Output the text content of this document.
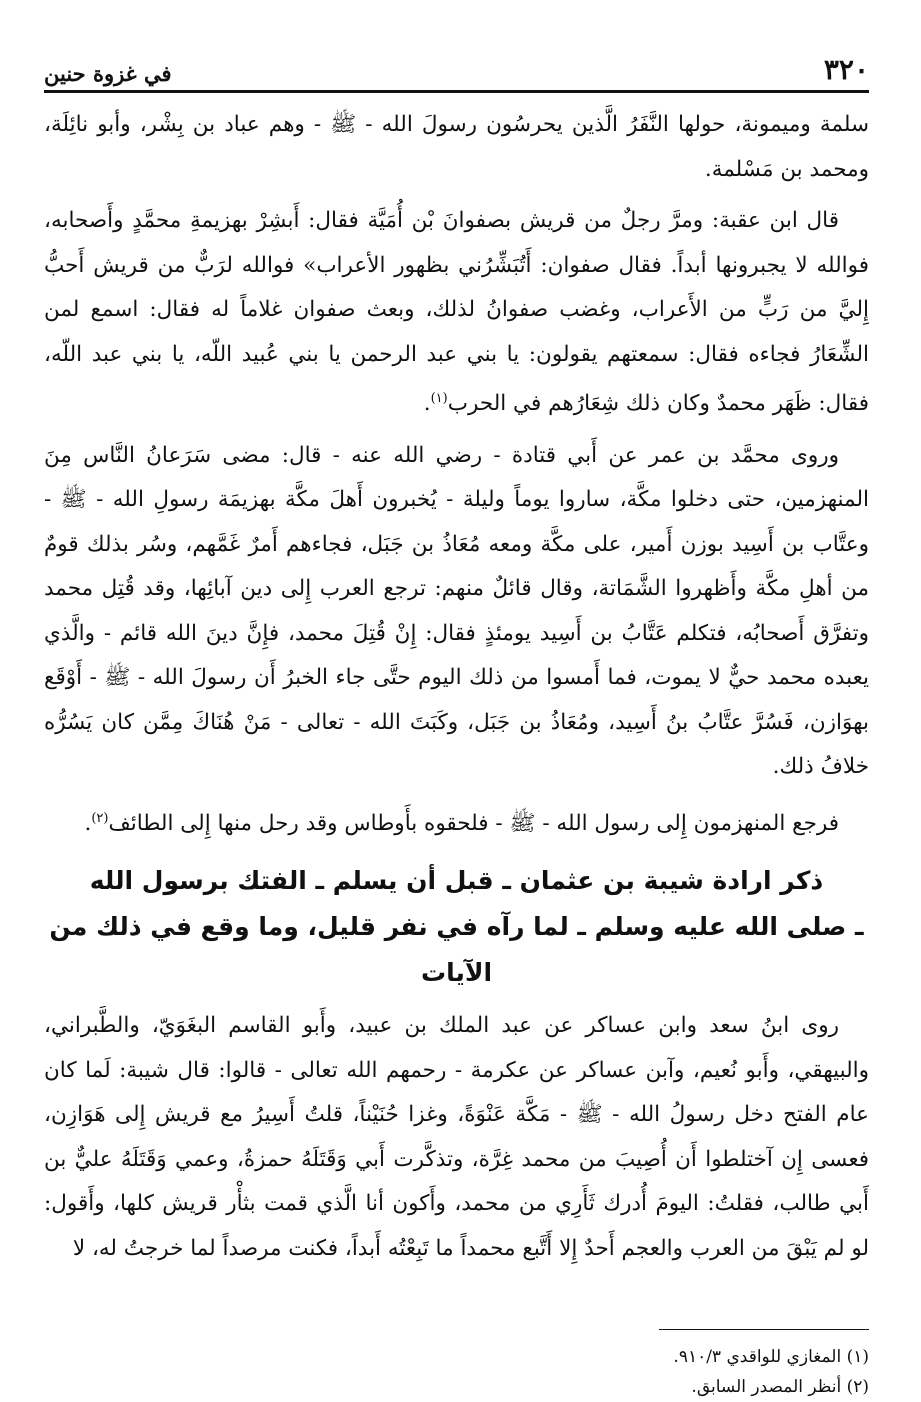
٣٢٠
في غزوة حنين

سلمة وميمونة، حولها النَّفَرُ الَّذين يحرسُون رسولَ الله - ﷺ - وهم عباد بن بِشْر، وأبو نائِلَة، ومحمد بن مَسْلمة.

قال ابن عقبة: ومرَّ رجلٌ من قريش بصفوانَ بْن أُمَيَّة فقال: أَبشِرْ بهزيمةِ محمَّدٍ وأَصحابه، فوالله لا يجبرونها أبداً. فقال صفوان: أَتُبَشِّرُني بظهور الأعراب» فوالله لرَبٌّ من قريش أَحبُّ إِليَّ من رَبٍّ من الأَعراب، وغضب صفوانُ لذلك، وبعث صفوان غلاماً له فقال: اسمع لمن الشِّعَارُ فجاءه فقال: سمعتهم يقولون: يا بني عبد الرحمن يا بني عُبيد اللّه، يا بني عبد اللّه، فقال: ظَهَر محمدٌ وكان ذلك شِعَارُهم في الحرب$^{(١)}$.

وروى محمَّد بن عمر عن أَبي قتادة - رضي الله عنه - قال: مضى سَرَعانُ النَّاس مِنَ المنهزمين، حتى دخلوا مكَّة، ساروا يوماً وليلة - يُخبرون أَهلَ مكَّة بهزيمَة رسولِ الله - ﷺ - وعتَّاب بن أَسِيد بوزن أَمير، على مكَّة ومعه مُعَاذُ بن جَبَل، فجاءهم أَمرٌ غَمَّهم، وسُر بذلك قومٌ من أهلِ مكَّة وأَظهروا الشَّمَاتة، وقال قائلٌ منهم: ترجع العرب إِلى دين آبائِها، وقد قُتِل محمد وتفرَّق أَصحابُه، فتكلم عَتَّابُ بن أَسِيد يومئذٍ فقال: إِنْ قُتِلَ محمد، فإِنَّ دينَ الله قائم - والَّذي يعبده محمد حيٌّ لا يموت، فما أَمسوا من ذلك اليوم حتَّى جاء الخبرُ أَن رسولَ الله - ﷺ - أَوْقَع بهوَازن، فَسُرَّ عتَّابُ بنُ أَسِيد، ومُعَاذُ بن جَبَل، وكَبَتَ الله - تعالى - مَنْ هُنَاكَ مِمَّن كان يَسُرُّه خلافُ ذلك.

فرجع المنهزمون إِلى رسول الله - ﷺ - فلحقوه بأَوطاس وقد رحل منها إِلى الطائف$^{(٢)}$.

ذكر ارادة شيبة بن عثمان ـ قبل أن يسلم ـ الفتك برسول الله
ـ صلى الله عليه وسلم ـ لما رآه في نفر قليل، وما وقع في ذلك من الآيات

روى ابنُ سعد وابن عساكر عن عبد الملك بن عبيد، وأَبو القاسم البغَوَيّ، والطَّبراني، والبيهقي، وأَبو نُعيم، وآبن عساكر عن عكرمة - رحمهم الله تعالى - قالوا: قال شيبة: لَما كان عام الفتح دخل رسولُ الله - ﷺ - مَكَّة عَنْوَةً، وغزا حُنَيْناً، قلتُ أَسِيرُ مع قريش إِلى هَوَازِن، فعسى إِن آختلطوا أَن أُصِيبَ من محمد غِرَّة، وتذكَّرت أَبي وَقَتَلَهُ حمزةُ، وعمي وَقَتَلَهُ عليٌّ بن أَبي طالب، فقلتُ: اليومَ أُدرك ثَأَرِي من محمد، وأَكون أنا الَّذي قمت بثأْر قريش كلها، وأَقول: لو لم يَبْقَ من العرب والعجم أَحدٌ إِلا أَتَّبع محمداً ما تَبِعْتُه أَبداً، فكنت مرصداً لما خرجتُ له، لا

(١) المغازي للواقدي ٩١٠/٣.

(٢) أنظر المصدر السابق.
